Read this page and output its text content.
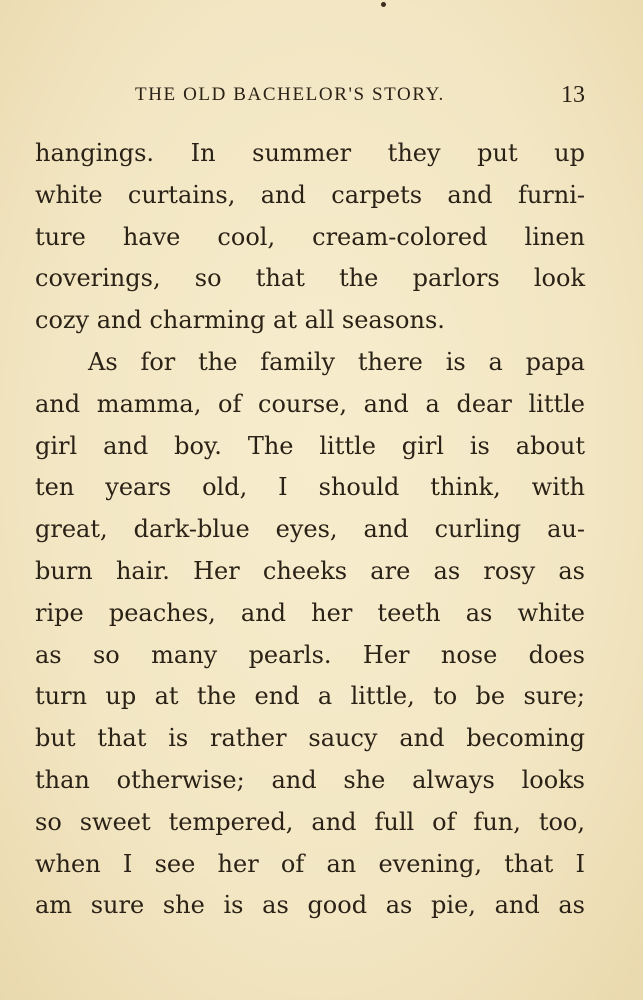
THE OLD BACHELOR'S STORY.	13
hangings. In summer they put up
white curtains, and carpets and furni-
ture have cool, cream-colored linen
coverings, so that the parlors look
cozy and charming at all seasons.
As for the family there is a papa
and mamma, of course, and a dear little
girl and boy. The little girl is about
ten years old, I should think, with
great, dark-blue eyes, and curling au-
burn hair. Her cheeks are as rosy as
ripe peaches, and her teeth as white
as so many pearls. Her nose does
turn up at the end a little, to be sure;
but that is rather saucy and becoming
than otherwise; and she always looks
so sweet tempered, and full of fun, too,
when I see her of an evening, that I
am sure she is as good as pie, and as
